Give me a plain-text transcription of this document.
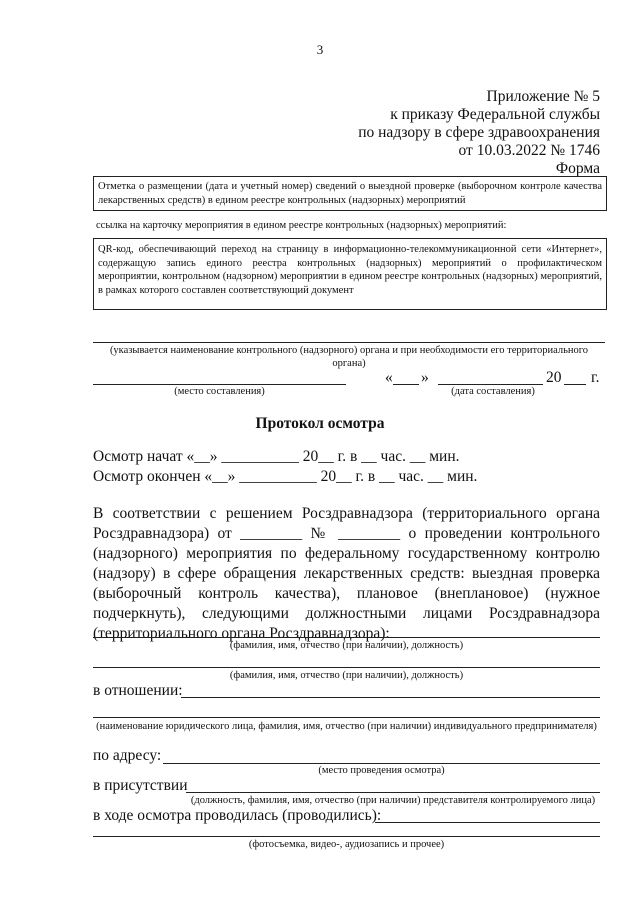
3
Приложение № 5
к приказу Федеральной службы
по надзору в сфере здравоохранения
от 10.03.2022 № 1746
Форма

Отметка о размещении (дата и учетный номер) сведений о выездной проверке (выборочном контроле качества лекарственных средств) в едином реестре контрольных (надзорных) мероприятий

ссылка на карточку мероприятия в едином реестре контрольных (надзорных) мероприятий:

QR-код, обеспечивающий переход на страницу в информационно-телекоммуникационной сети «Интернет», содержащую запись единого реестра контрольных (надзорных) мероприятий о профилактическом мероприятии, контрольном (надзорном) мероприятии в едином реестре контрольных (надзорных) мероприятий, в рамках которого составлен соответствующий документ

(указывается наименование контрольного (надзорного) органа и при необходимости его территориального органа)
(место составления)
« »	20 г.
(дата составления)
Протокол осмотра
Осмотр начат «__» __________ 20__ г. в __ час. __ мин.
Осмотр окончен «__» __________ 20__ г. в __ час. __ мин.
В соответствии с решением Росздравнадзора (территориального органа Росздравнадзора) от ________ № ________ о проведении контрольного (надзорного) мероприятия по федеральному государственному контролю (надзору) в сфере обращения лекарственных средств: выездная проверка (выборочный контроль качества), плановое (внеплановое) (нужное подчеркнуть), следующими должностными лицами Росздравнадзора (территориального органа Росздравнадзора):
(фамилия, имя, отчество (при наличии), должность)
(фамилия, имя, отчество (при наличии), должность)
в отношении:
(наименование юридического лица, фамилия, имя, отчество (при наличии) индивидуального предпринимателя)
по адресу:
(место проведения осмотра)
в присутствии
(должность, фамилия, имя, отчество (при наличии) представителя контролируемого лица)
в ходе осмотра проводилась (проводились):
(фотосъемка, видео-, аудиозапись и прочее)
